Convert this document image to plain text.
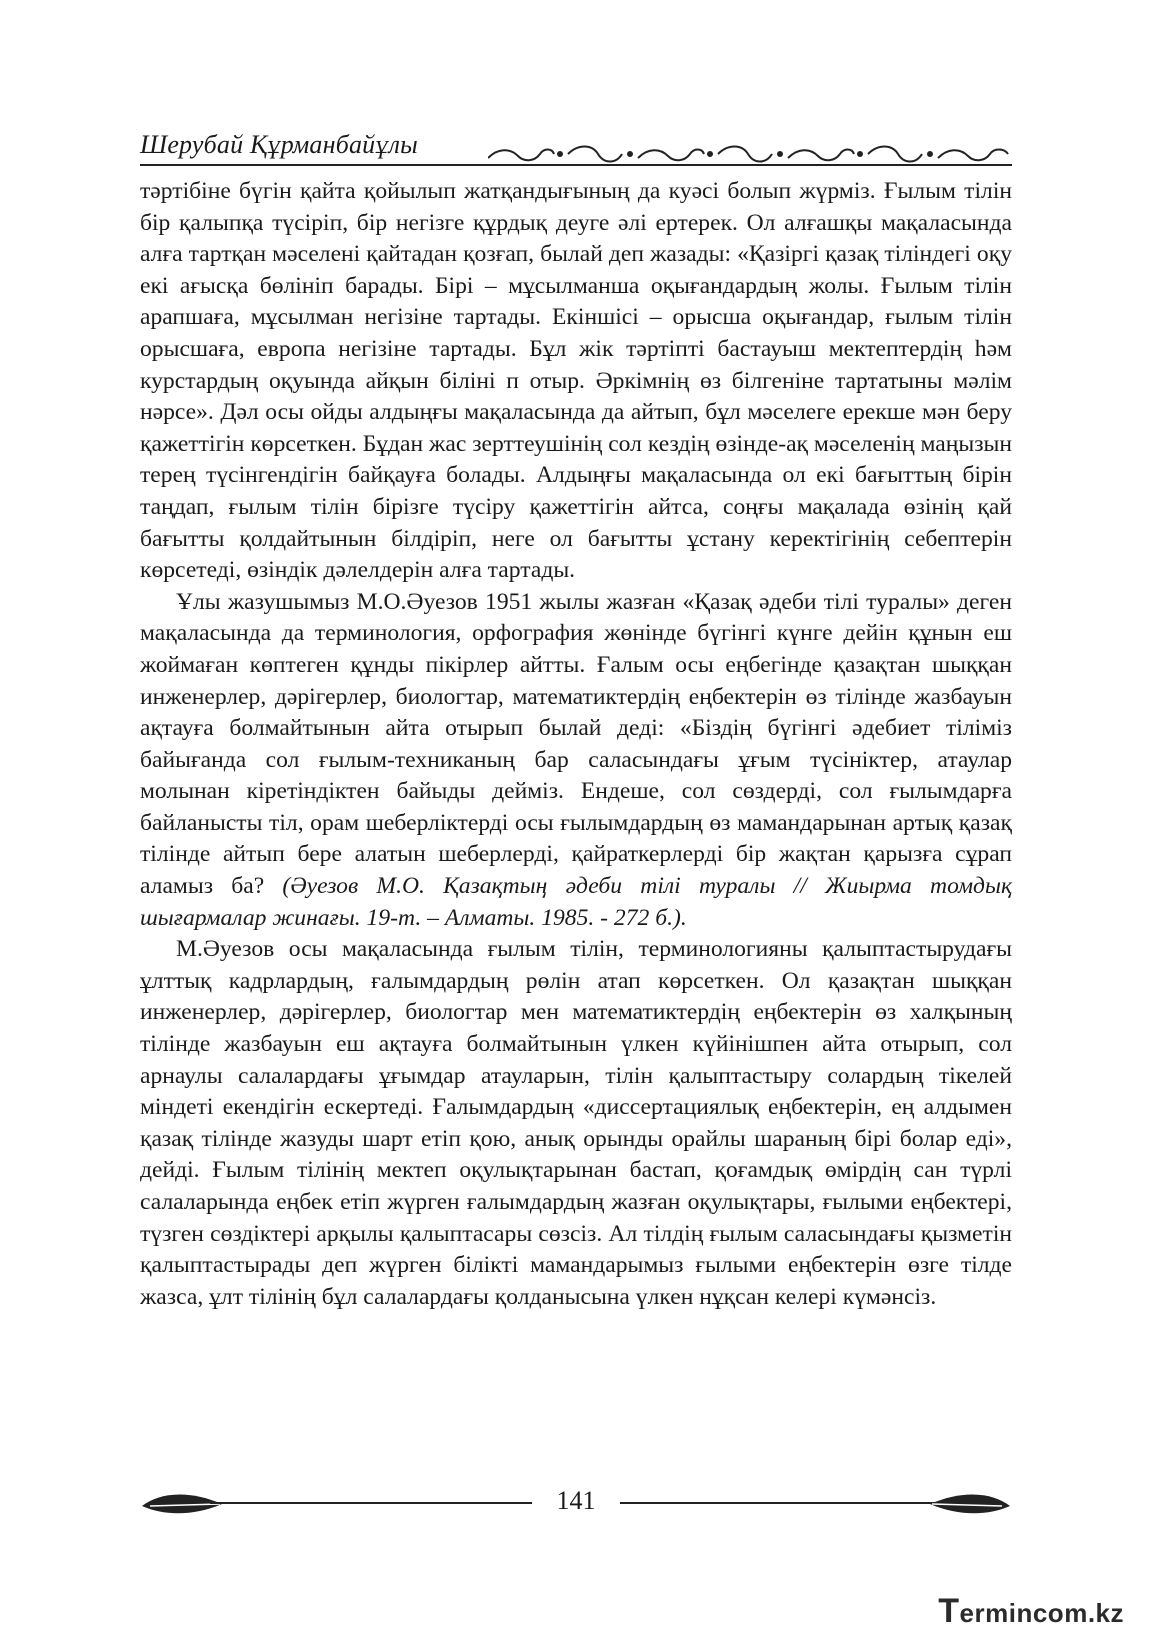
Шерубай Құрманбайұлы

тәртібіне бүгін қайта қойылып жатқандығының да куәсі болып жүрміз. Ғылым тілін бір қалыпқа түсіріп, бір негізге құрдық деуге әлі ертерек. Ол алғашқы мақаласында алға тартқан мәселені қайтадан қозғап, былай деп жазады: «Қазіргі қазақ тіліндегі оқу екі ағысқа бөлініп барады. Бірі – мұсылманша оқығандардың жолы. Ғылым тілін арапшаға, мұсылман негізіне тартады. Екіншісі – орысша оқығандар, ғылым тілін орысшаға, европа негізіне тартады. Бұл жік тәртіпті бастауыш мектептердің һәм курстардың оқуында айқын біліні п отыр. Әркімнің өз білгеніне тартатыны мәлім нәрсе». Дәл осы ойды алдыңғы мақаласында да айтып, бұл мәселеге ерекше мән беру қажеттігін көрсеткен. Бұдан жас зерттеушінің сол кездің өзінде-ақ мәселенің маңызын терең түсінгендігін байқауға болады. Алдыңғы мақаласында ол екі бағыттың бірін таңдап, ғылым тілін бірізге түсіру қажеттігін айтса, соңғы мақалада өзінің қай бағытты қолдайтынын білдіріп, неге ол бағытты ұстану керектігінің себептерін көрсетеді, өзіндік дәлелдерін алға тартады.

Ұлы жазушымыз М.О.Әуезов 1951 жылы жазған «Қазақ әдеби тілі туралы» деген мақаласында да терминология, орфография жөнінде бүгінгі күнге дейін құнын еш жоймаған көптеген құнды пікірлер айтты. Ғалым осы еңбегінде қазақтан шыққан инженерлер, дәрігерлер, биологтар, математиктердің еңбектерін өз тілінде жазбауын ақтауға болмайтынын айта отырып былай деді: «Біздің бүгінгі әдебиет тіліміз байығанда сол ғылым-техниканың бар саласындағы ұғым түсініктер, атаулар молынан кіретіндіктен байыды дейміз. Ендеше, сол сөздерді, сол ғылымдарға байланысты тіл, орам шеберліктерді осы ғылымдардың өз мамандарынан артық қазақ тілінде айтып бере алатын шеберлерді, қайраткерлерді бір жақтан қарызға сұрап аламыз ба? (Әуезов М.О. Қазақтың әдеби тілі туралы // Жиырма томдық шығармалар жинағы. 19-т. – Алматы. 1985. - 272 б.).

М.Әуезов осы мақаласында ғылым тілін, терминологияны қалыптастырудағы ұлттық кадрлардың, ғалымдардың рөлін атап көрсеткен. Ол қазақтан шыққан инженерлер, дәрігерлер, биологтар мен математиктердің еңбектерін өз халқының тілінде жазбауын еш ақтауға болмайтынын үлкен күйінішпен айта отырып, сол арнаулы салалардағы ұғымдар атауларын, тілін қалыптастыру солардың тікелей міндеті екендігін ескертеді. Ғалымдардың «диссертациялық еңбектерін, ең алдымен қазақ тілінде жазуды шарт етіп қою, анық орынды орайлы шараның бірі болар еді», дейді. Ғылым тілінің мектеп оқулықтарынан бастап, қоғамдық өмірдің сан түрлі салаларында еңбек етіп жүрген ғалымдардың жазған оқулықтары, ғылыми еңбектері, түзген сөздіктері арқылы қалыптасары сөзсіз. Ал тілдің ғылым саласындағы қызметін қалыптастырады деп жүрген білікті мамандарымыз ғылыми еңбектерін өзге тілде жазса, ұлт тілінің бұл салалардағы қолданысына үлкен нұқсан келері күмәнсіз.

141
Termincom.kz
